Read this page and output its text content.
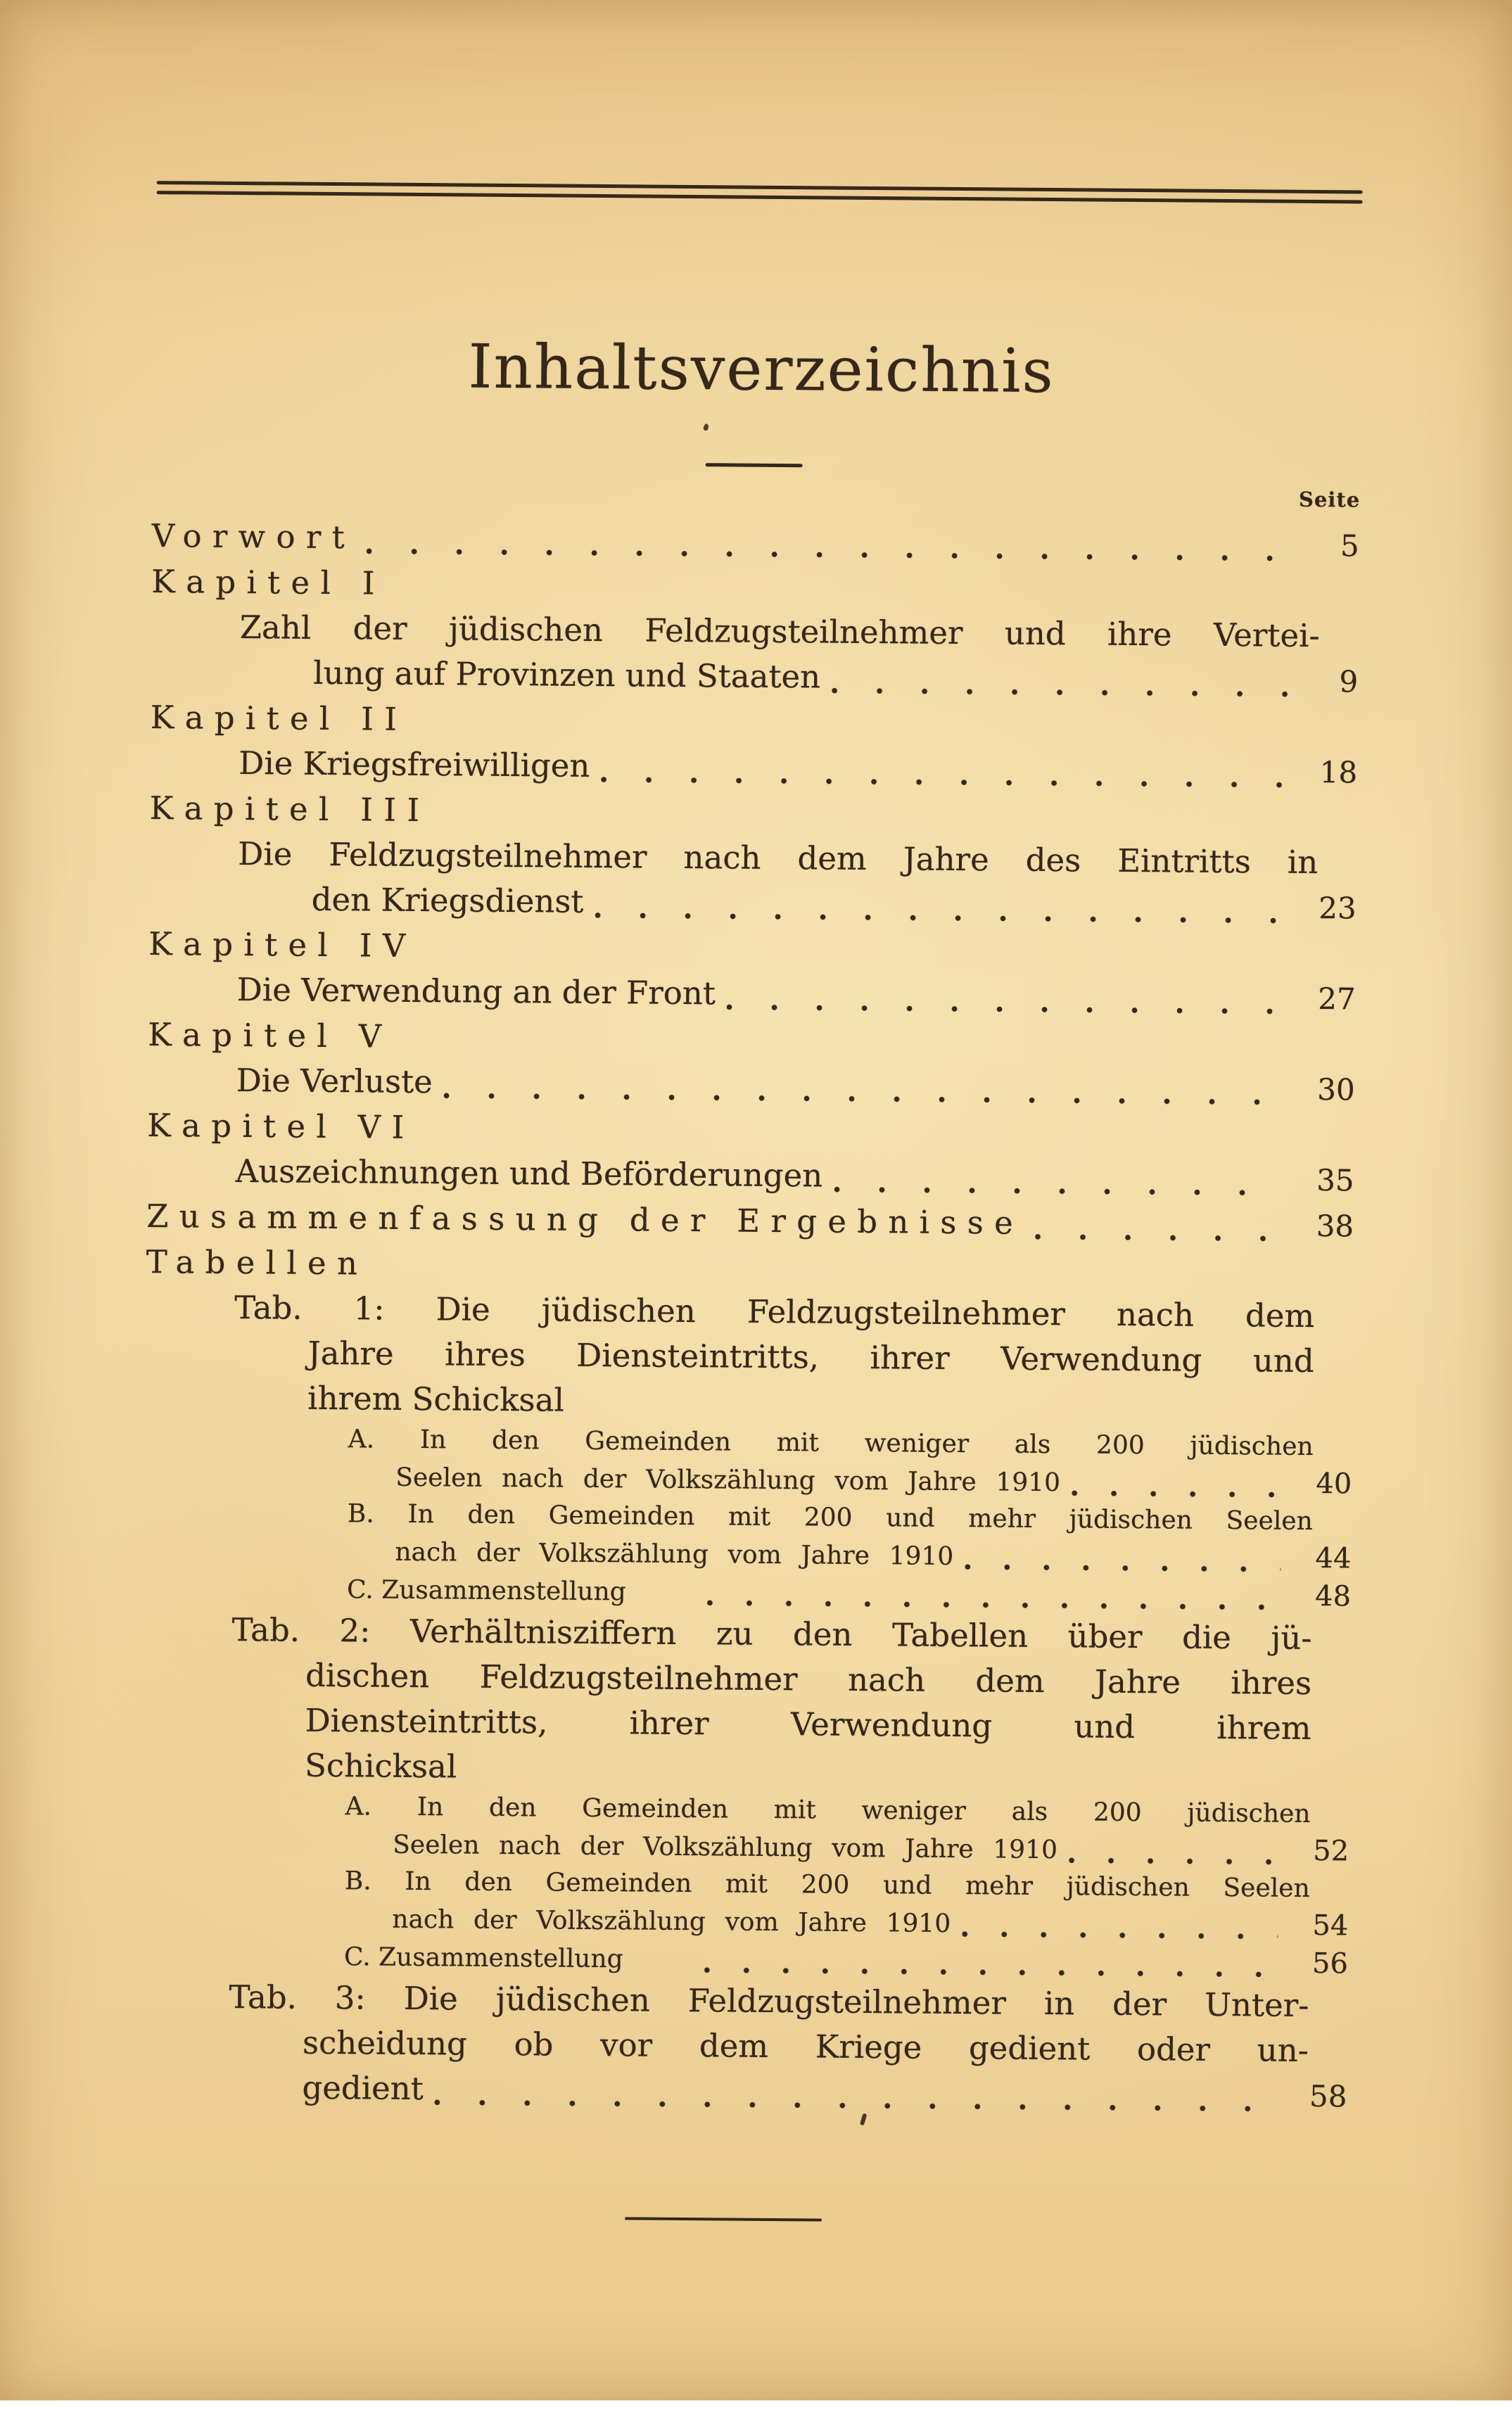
Inhaltsverzeichnis
Seite
Vorwort	5
Kapitel I
Zahl der jüdischen Feldzugsteilnehmer und ihre Vertei-
lung auf Provinzen und Staaten	9
Kapitel II
Die Kriegsfreiwilligen	18
Kapitel III
Die Feldzugsteilnehmer nach dem Jahre des Eintritts in
den Kriegsdienst	23
Kapitel IV
Die Verwendung an der Front	27
Kapitel V
Die Verluste	30
Kapitel VI
Auszeichnungen und Beförderungen	35
Zusammenfassung der Ergebnisse	38
Tabellen
Tab. 1: Die jüdischen Feldzugsteilnehmer nach dem
Jahre ihres Diensteintritts, ihrer Verwendung und
ihrem Schicksal
A. In den Gemeinden mit weniger als 200 jüdischen
Seelen nach der Volkszählung vom Jahre 1910	40
B. In den Gemeinden mit 200 und mehr jüdischen Seelen
nach der Volkszählung vom Jahre 1910	44
C. Zusammenstellung	48
Tab. 2: Verhältnisziffern zu den Tabellen über die jü-
dischen Feldzugsteilnehmer nach dem Jahre ihres
Diensteintritts, ihrer Verwendung und ihrem
Schicksal
A. In den Gemeinden mit weniger als 200 jüdischen
Seelen nach der Volkszählung vom Jahre 1910	52
B. In den Gemeinden mit 200 und mehr jüdischen Seelen
nach der Volkszählung vom Jahre 1910	54
C. Zusammenstellung	56
Tab. 3: Die jüdischen Feldzugsteilnehmer in der Unter-
scheidung ob vor dem Kriege gedient oder un-
gedient	58
